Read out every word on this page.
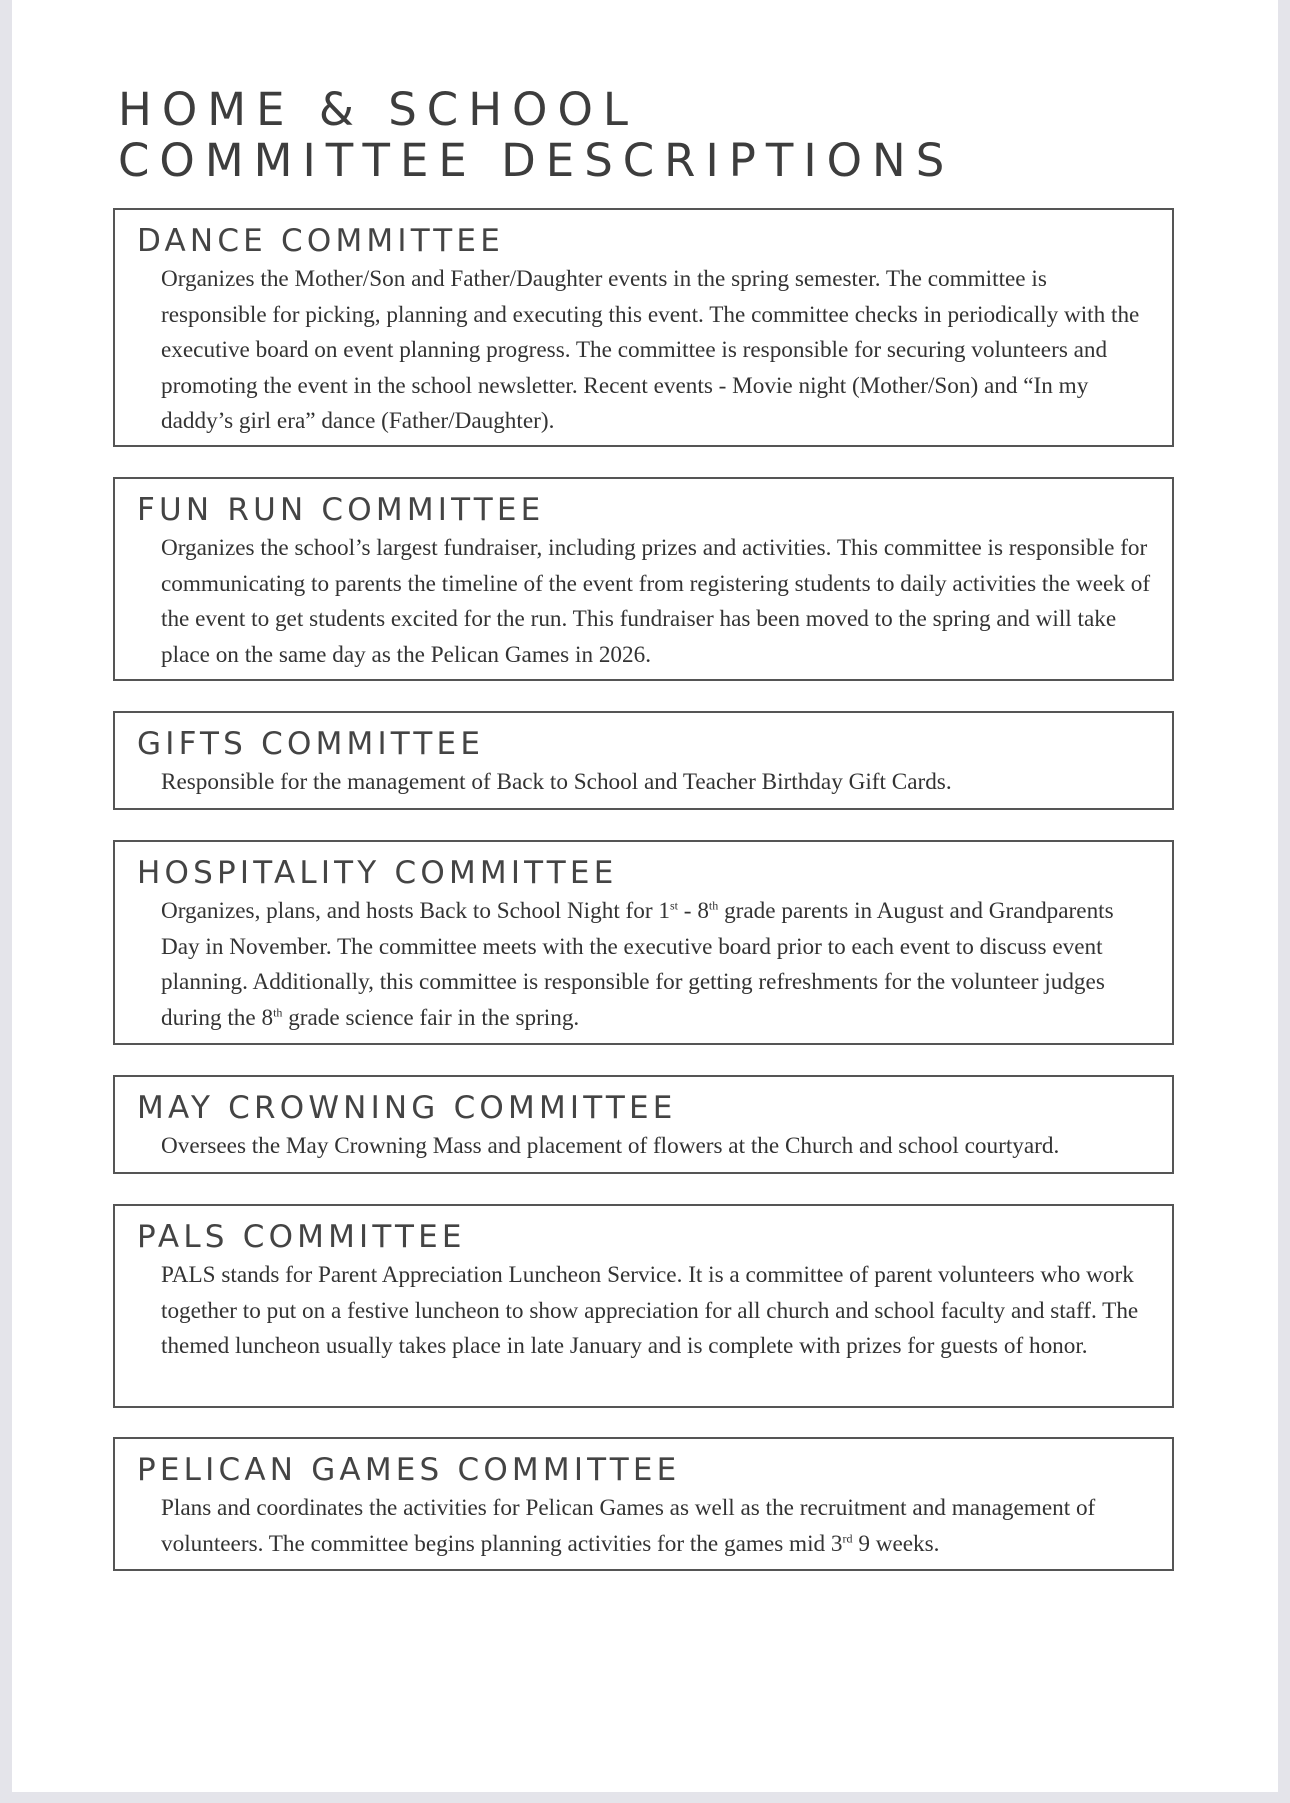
HOME & SCHOOL
COMMITTEE DESCRIPTIONS
DANCE COMMITTEE

Organizes the Mother/Son and Father/Daughter events in the spring semester. The committee is responsible for picking, planning and executing this event. The committee checks in periodically with the executive board on event planning progress. The committee is responsible for securing volunteers and promoting the event in the school newsletter. Recent events - Movie night (Mother/Son) and “In my daddy’s girl era” dance (Father/Daughter).

FUN RUN COMMITTEE

Organizes the school’s largest fundraiser, including prizes and activities. This committee is responsible for communicating to parents the timeline of the event from registering students to daily activities the week of the event to get students excited for the run. This fundraiser has been moved to the spring and will take place on the same day as the Pelican Games in 2026.

GIFTS COMMITTEE

Responsible for the management of Back to School and Teacher Birthday Gift Cards.

HOSPITALITY COMMITTEE

Organizes, plans, and hosts Back to School Night for 1st - 8th grade parents in August and Grandparents Day in November. The committee meets with the executive board prior to each event to discuss event planning. Additionally, this committee is responsible for getting refreshments for the volunteer judges during the 8th grade science fair in the spring.

MAY CROWNING COMMITTEE

Oversees the May Crowning Mass and placement of flowers at the Church and school courtyard.

PALS COMMITTEE

PALS stands for Parent Appreciation Luncheon Service. It is a committee of parent volunteers who work together to put on a festive luncheon to show appreciation for all church and school faculty and staff. The themed luncheon usually takes place in late January and is complete with prizes for guests of honor.

PELICAN GAMES COMMITTEE

Plans and coordinates the activities for Pelican Games as well as the recruitment and management of volunteers. The committee begins planning activities for the games mid 3rd 9 weeks.
